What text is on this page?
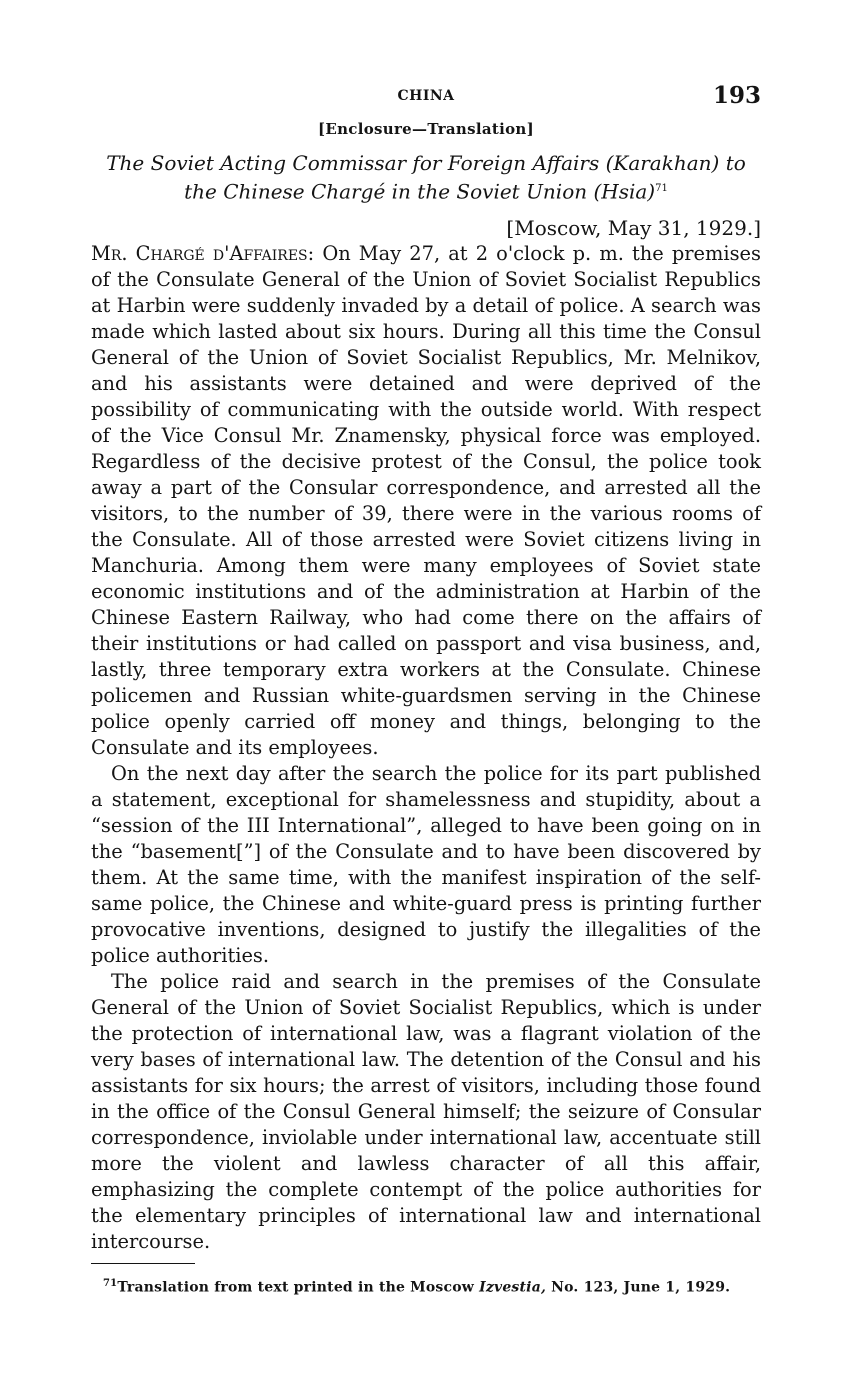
CHINA	193
[Enclosure—Translation]
The Soviet Acting Commissar for Foreign Affairs (Karakhan) to the Chinese Chargé in the Soviet Union (Hsia)$^{71}$
[Moscow, May 31, 1929.]

Mr. Chargé d'Affaires: On May 27, at 2 o'clock p. m. the premises of the Consulate General of the Union of Soviet Socialist Republics at Harbin were suddenly invaded by a detail of police. A search was made which lasted about six hours. During all this time the Consul General of the Union of Soviet Socialist Republics, Mr. Melnikov, and his assistants were detained and were deprived of the possibility of communicating with the outside world. With respect of the Vice Consul Mr. Znamensky, physical force was employed. Regardless of the decisive protest of the Consul, the police took away a part of the Consular correspondence, and arrested all the visitors, to the number of 39, there were in the various rooms of the Consulate. All of those arrested were Soviet citizens living in Manchuria. Among them were many employees of Soviet state economic institutions and of the administration at Harbin of the Chinese Eastern Railway, who had come there on the affairs of their institutions or had called on passport and visa business, and, lastly, three temporary extra workers at the Consulate. Chinese policemen and Russian white-guardsmen serving in the Chinese police openly carried off money and things, belonging to the Consulate and its employees.

On the next day after the search the police for its part published a statement, exceptional for shamelessness and stupidity, about a “session of the III International”, alleged to have been going on in the “basement[”] of the Consulate and to have been discovered by them. At the same time, with the manifest inspiration of the self-same police, the Chinese and white-guard press is printing further provocative inventions, designed to justify the illegalities of the police authorities.

The police raid and search in the premises of the Consulate General of the Union of Soviet Socialist Republics, which is under the protection of international law, was a flagrant violation of the very bases of international law. The detention of the Consul and his assistants for six hours; the arrest of visitors, including those found in the office of the Consul General himself; the seizure of Consular correspondence, inviolable under international law, accentuate still more the violent and lawless character of all this affair, emphasizing the complete contempt of the police authorities for the elementary principles of international law and international intercourse.

$^{71}$Translation from text printed in the Moscow Izvestia, No. 123, June 1, 1929.
